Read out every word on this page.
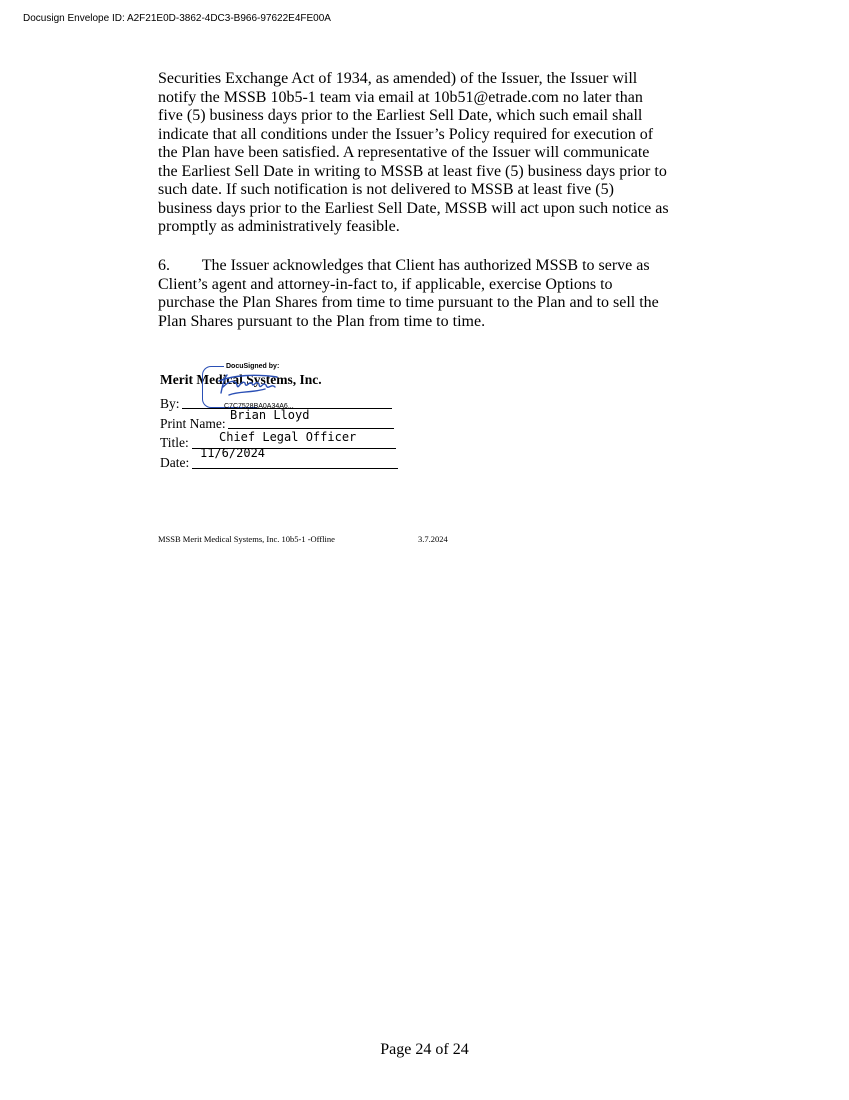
Docusign Envelope ID: A2F21E0D-3862-4DC3-B966-97622E4FE00A

Securities Exchange Act of 1934, as amended) of the Issuer, the Issuer will
notify the MSSB 10b5-1 team via email at 10b51@etrade.com no later than
five (5) business days prior to the Earliest Sell Date, which such email shall
indicate that all conditions under the Issuer’s Policy required for execution of
the Plan have been satisfied. A representative of the Issuer will communicate
the Earliest Sell Date in writing to MSSB at least five (5) business days prior to
such date. If such notification is not delivered to MSSB at least five (5)
business days prior to the Earliest Sell Date, MSSB will act upon such notice as
promptly as administratively feasible.

6.        The Issuer acknowledges that Client has authorized MSSB to serve as
Client’s agent and attorney-in-fact to, if applicable, exercise Options to
purchase the Plan Shares from time to time pursuant to the Plan and to sell the
Plan Shares pursuant to the Plan from time to time.

Merit Medical Systems, Inc.
DocuSigned by:
C7C7528BA0A34A6...
By:
Print Name:
Brian Lloyd
Title:	Chief Legal Officer
Date:
11/6/2024
MSSB Merit Medical Systems, Inc. 10b5-1 -Offline	3.7.2024
Page 24 of 24
